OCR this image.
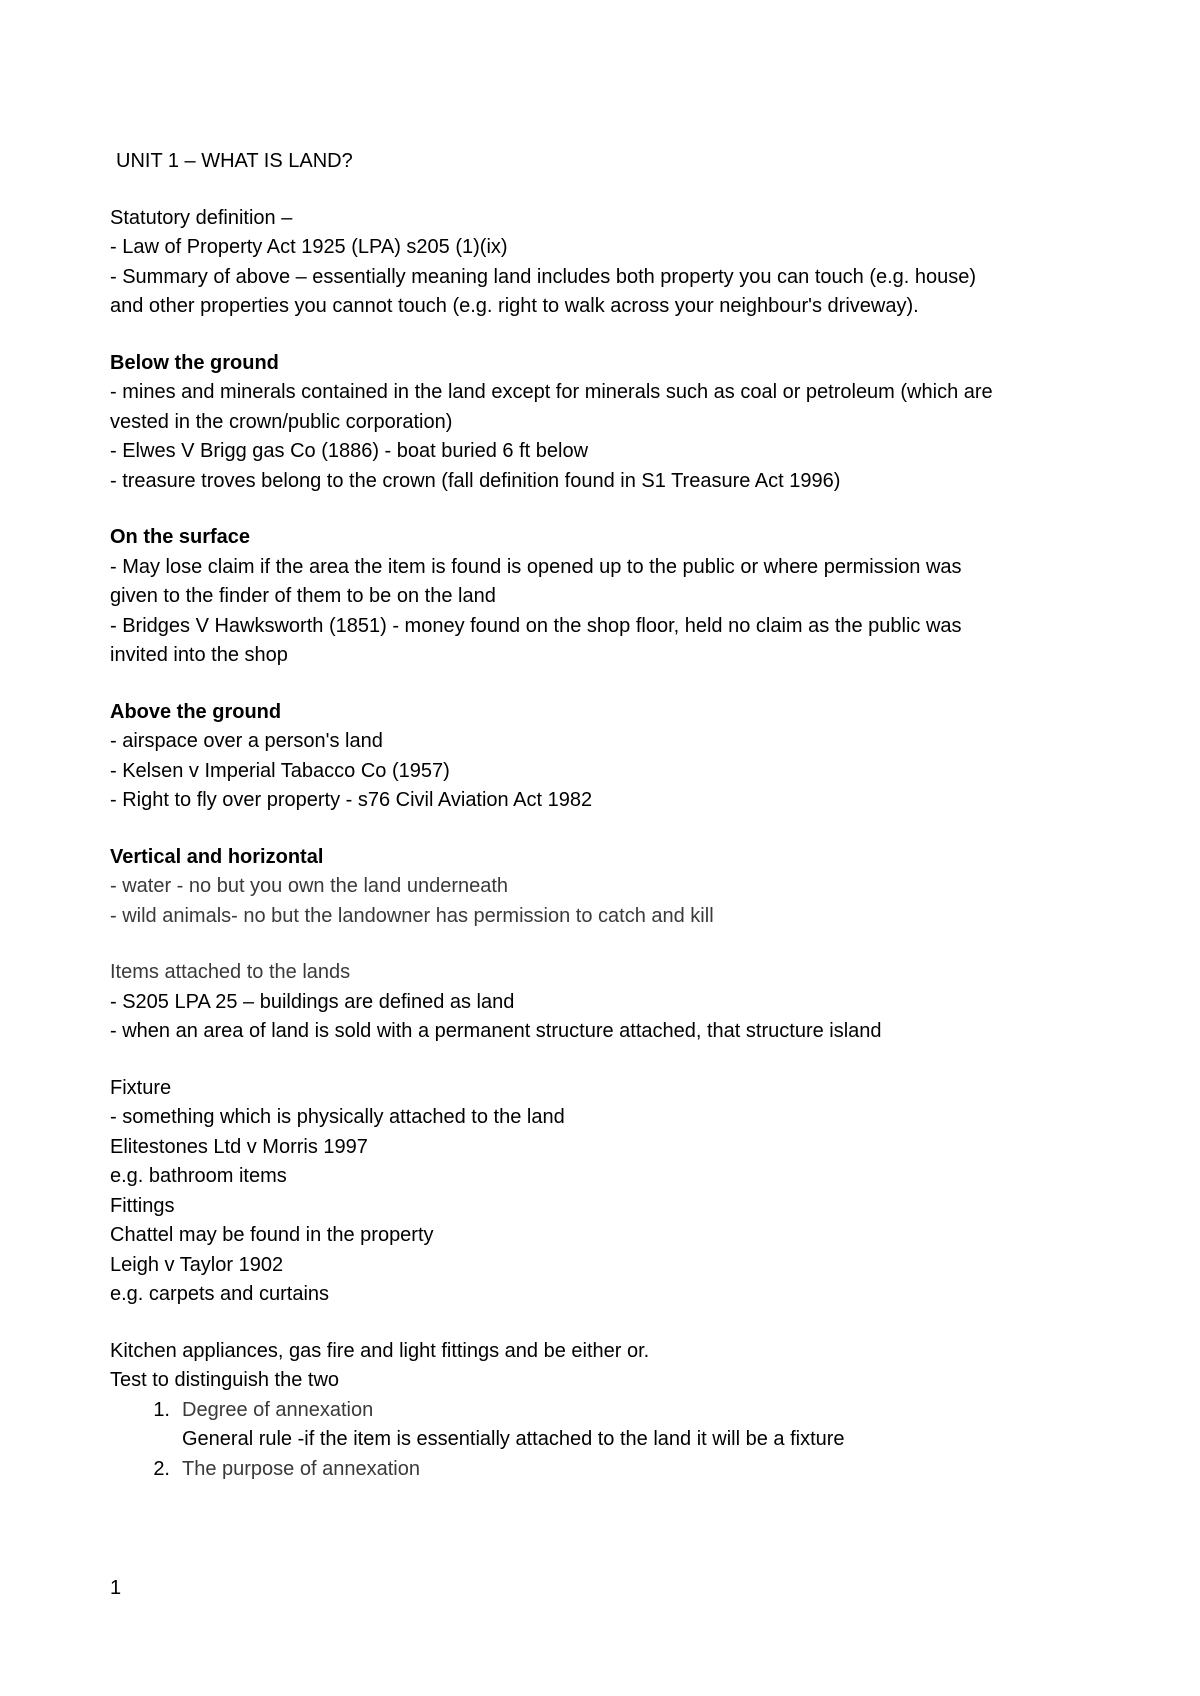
UNIT 1 – WHAT IS LAND?
Statutory definition –
- Law of Property Act 1925 (LPA) s205 (1)(ix)
- Summary of above – essentially meaning land includes both property you can touch (e.g. house)
and other properties you cannot touch (e.g. right to walk across your neighbour's driveway).
Below the ground
- mines and minerals contained in the land except for minerals such as coal or petroleum (which are
vested in the crown/public corporation)
- Elwes V Brigg gas Co (1886) - boat buried 6 ft below
- treasure troves belong to the crown (fall definition found in S1 Treasure Act 1996)
On the surface
- May lose claim if the area the item is found is opened up to the public or where permission was
given to the finder of them to be on the land
- Bridges V Hawksworth (1851) - money found on the shop floor, held no claim as the public was
invited into the shop
Above the ground
- airspace over a person's land
- Kelsen v Imperial Tabacco Co (1957)
- Right to fly over property - s76 Civil Aviation Act 1982
Vertical and horizontal
- water - no but you own the land underneath
- wild animals- no but the landowner has permission to catch and kill
Items attached to the lands
- S205 LPA 25 – buildings are defined as land
- when an area of land is sold with a permanent structure attached, that structure island
Fixture
- something which is physically attached to the land
Elitestones Ltd v Morris 1997
e.g. bathroom items
Fittings
Chattel may be found in the property
Leigh v Taylor 1902
e.g. carpets and curtains
Kitchen appliances, gas fire and light fittings and be either or.
Test to distinguish the two
1. Degree of annexation
General rule -if the item is essentially attached to the land it will be a fixture
2. The purpose of annexation
1
